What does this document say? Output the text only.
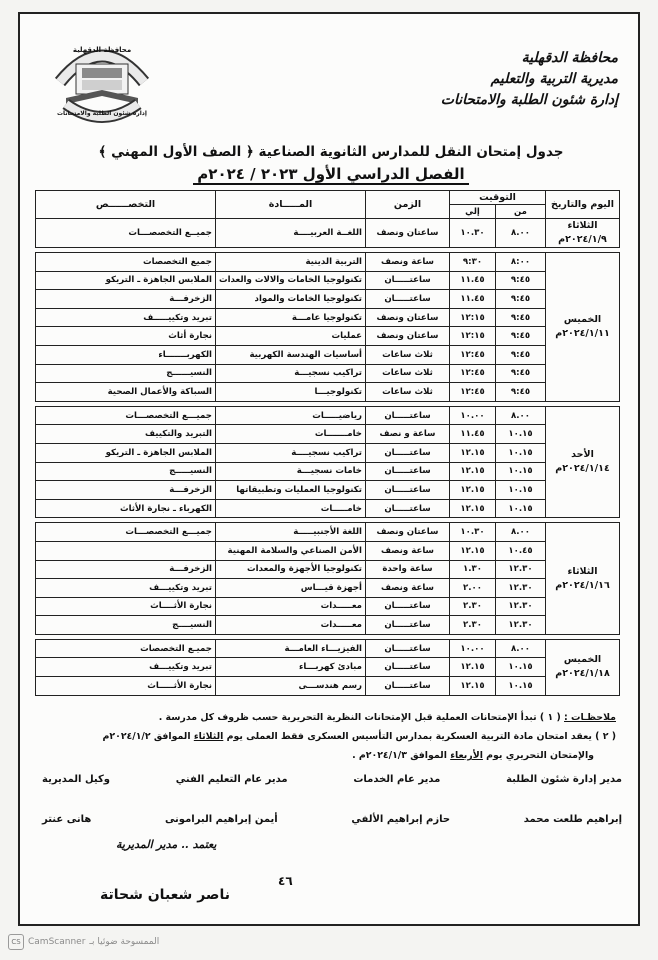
محافظة الدقهلية
إدارة شئون الطلبة والامتحانات
محافظة الدقهلية
مديرية التربية والتعليم
إدارة شئون الطلبة والامتحانات
جدول إمتحان النقل للمدارس الثانوية الصناعية ﴿ الصف الأول المهني ﴾
الفصل الدراسي الأول ٢٠٢٣ / ٢٠٢٤م
اليوم والتاريخ	التوقيت		الزمن	المـــــادة	التخصــــــص
	من	إلي			

الثلاثاء
٢٠٢٤/١/٩م	٨.٠٠	١٠.٣٠	ساعتان ونصف	اللغــة العربيــــة	جميــع التخصصـــات

الخميس
٢٠٢٤/١/١١م	٨:٠٠	٩:٣٠	ساعة ونصف	التربية الدينية	جميع التخصصات
	٩:٤٥	١١.٤٥	ساعتـــــان	تكنولوجيا الخامات والالات والعدات	الملابس الجاهزة ـ التريكو
	٩:٤٥	١١.٤٥	ساعتـــــان	تكنولوجيا الخامات والمواد	الزخرفـــة
	٩:٤٥	١٢:١٥	ساعتان ونصف	تكنولوجيا عامـــة	تبريد وتكييـــــف
	٩:٤٥	١٢:١٥	ساعتان ونصف	عمليات	نجارة أثاث
	٩:٤٥	١٢:٤٥	ثلاث ساعات	أساسيات الهندسة الكهربية	الكهربـــــــاء
	٩:٤٥	١٢:٤٥	ثلاث ساعات	تراكيب نسجيـــة	النسيــــــج
	٩:٤٥	١٢:٤٥	ثلاث ساعات	تكنولوجيـــا	السباكة والأعمال الصحية

الأحد
٢٠٢٤/١/١٤م	٨.٠٠	١٠.٠٠	ساعتـــــان	رياضيـــــات	جميـــع التخصصـــات
	١٠.١٥	١١.٤٥	ساعة و نصف	خامـــــــات	التبريد والتكييف
	١٠.١٥	١٢.١٥	ساعتـــــان	تراكيب نسجيــــة	الملابس الجاهزة ـ التريكو
	١٠.١٥	١٢.١٥	ساعتـــــان	خامات نسجيـــة	النسيـــــج
	١٠.١٥	١٢.١٥	ساعتـــــان	تكنولوجيا العمليات وتطبيقاتها	الزخرفـــة
	١٠.١٥	١٢.١٥	ساعتـــــان	خامـــــات	الكهرباء ـ نجارة الأثاث

الثلاثاء
٢٠٢٤/١/١٦م	٨.٠٠	١٠.٣٠	ساعتان ونصف	اللغة الأجنبيـــــة	جميـــع التخصصـــات
	١٠.٤٥	١٢.١٥	ساعة ونصف	الأمن الصناعي والسلامة المهنية	
	١٢.٣٠	١.٣٠	ساعة واحدة	تكنولوجيا الأجهزة والمعدات	الزخرفـــة
	١٢.٣٠	٢.٠٠	ساعة ونصف	أجهزة قيـــاس	تبريد وتكييـــف
	١٢.٣٠	٢.٣٠	ساعتـــــان	معـــــدات	نجارة الأثــــاث
	١٢.٣٠	٢.٣٠	ساعتـــــان	معـــــدات	النسيــــج

الخميس
٢٠٢٤/١/١٨م	٨.٠٠	١٠.٠٠	ساعتـــــان	الفيزيـــاء العامـــة	جميـع التخصصات
	١٠.١٥	١٢.١٥	ساعتـــــان	مبادئ كهربـــاء	تبريد وتكييـــف
	١٠.١٥	١٢.١٥	ساعتـــــان	رسم هندســـى	نجارة الأثـــــاث
ملاحظـات : ( ١ ) تبدأ الإمتحانات العملية قبل الإمتحانات النظرية التحريرية حسب ظروف كل مدرسة .
( ٢ ) يعقد امتحان مادة التربية العسكرية بمدارس التأسيس العسكرى فقط العملى يوم الثلاثاء الموافق ٢٠٢٤/١/٢م
والإمتحان التحريري يوم الأربعاء الموافق ٢٠٢٤/١/٣م .
مدير إدارة شئون الطلبة
مدير عام الخدمات
مدير عام التعليم الفني
وكيل المديرية
إبراهيم طلعت محمد
حازم إبراهيم الألفي
أيمن إبراهيم البرامونى
هانى عنتر
يعتمد .. مدير المديرية
٤٦
ناصر شعبان شحاتة
CS CamScanner الممسوحة ضوئيا بـ
